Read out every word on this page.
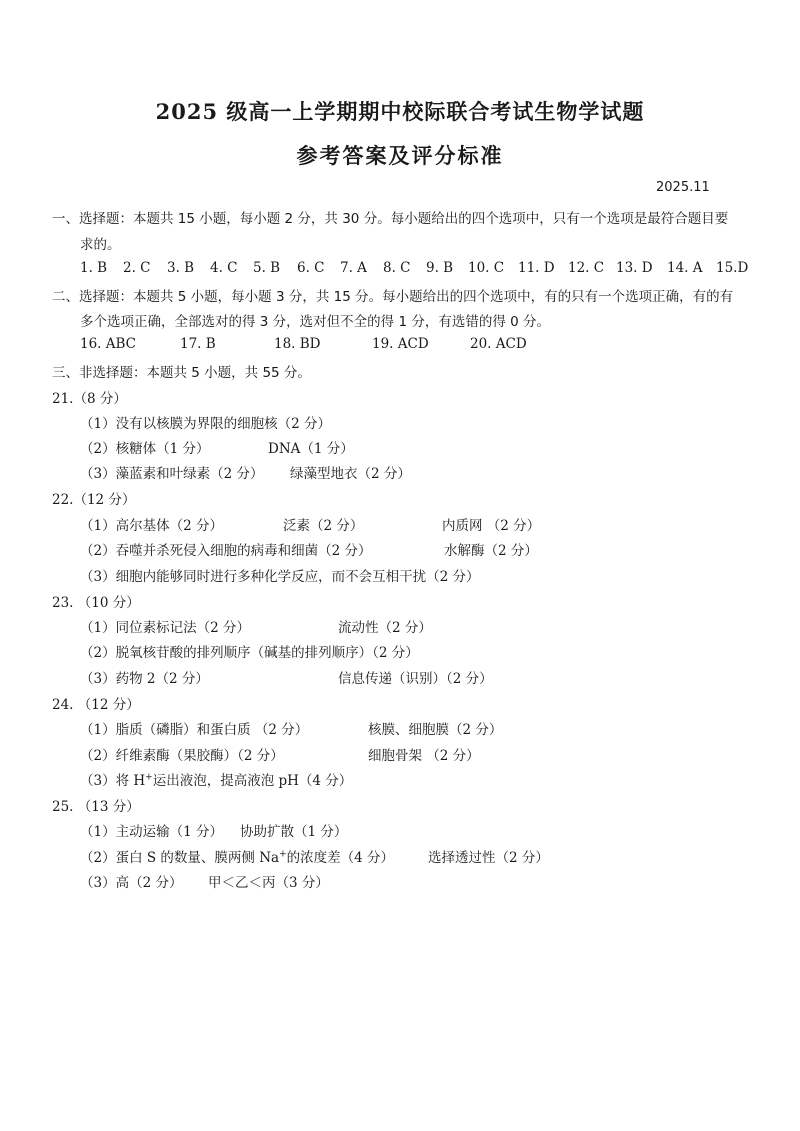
2025 级高一上学期期中校际联合考试生物学试题
参考答案及评分标准
2025.11
一、选择题：本题共 15 小题，每小题 2 分，共 30 分。每小题给出的四个选项中，只有一个选项是最符合题目要
求的。
1. B 2. C 3. B 4. C 5. B 6. C 7. A 8. C 9. B 10. C 11. D 12. C 13. D 14. A 15.D
二、选择题：本题共 5 小题，每小题 3 分，共 15 分。每小题给出的四个选项中，有的只有一个选项正确，有的有
多个选项正确，全部选对的得 3 分，选对但不全的得 1 分，有选错的得 0 分。
16. ABC	17. B	18. BD	19. ACD	20. ACD
三、非选择题：本题共 5 小题，共 55 分。
21.（8 分）
（1）没有以核膜为界限的细胞核（2 分）
（2）核糖体（1 分）	DNA（1 分）
（3）藻蓝素和叶绿素（2 分） 绿藻型地衣（2 分）
22.（12 分）
（1）高尔基体（2 分）	泛素（2 分）	内质网 （2 分）
（2）吞噬并杀死侵入细胞的病毒和细菌（2 分）	水解酶（2 分）
（3）细胞内能够同时进行多种化学反应，而不会互相干扰（2 分）
23. （10 分）
（1）同位素标记法（2 分）	流动性（2 分）
（2）脱氧核苷酸的排列顺序（碱基的排列顺序）（2 分）
（3）药物 2（2 分）	信息传递（识别）（2 分）
24. （12 分）
（1）脂质（磷脂）和蛋白质 （2 分）	核膜、细胞膜（2 分）
（2）纤维素酶（果胶酶）（2 分）	细胞骨架 （2 分）
（3）将 H+运出液泡，提高液泡 pH（4 分）
25. （13 分）
（1）主动运输（1 分） 协助扩散（1 分）
（2）蛋白 S 的数量、膜两侧 Na+的浓度差（4 分）	选择透过性（2 分）
（3）高（2 分） 甲＜乙＜丙（3 分）
